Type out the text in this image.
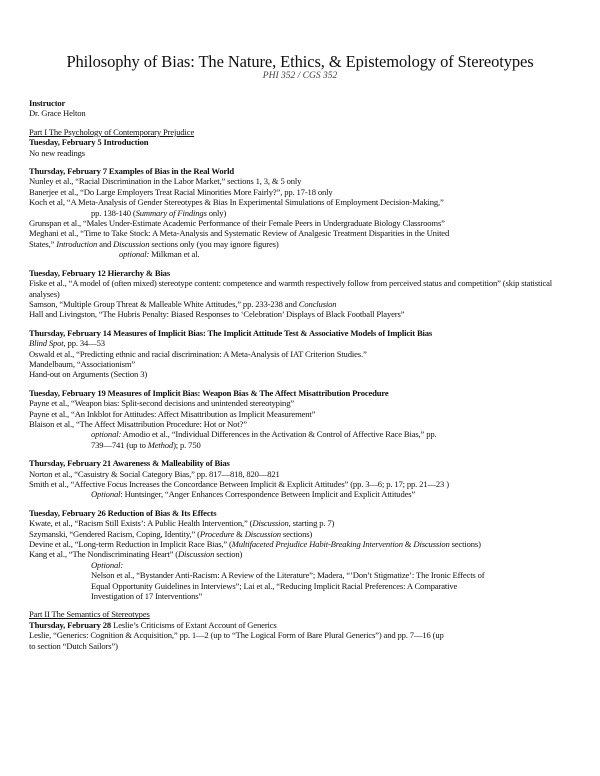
Philosophy of Bias: The Nature, Ethics, & Epistemology of Stereotypes
PHI 352 / CGS 352
Instructor
Dr. Grace Helton
Part I The Psychology of Contemporary Prejudice
Tuesday, February 5 Introduction
No new readings
Thursday, February 7 Examples of Bias in the Real World
Nunley et al., “Racial Discrimination in the Labor Market,” sections 1, 3, & 5 only
Banerjee et al., “Do Large Employers Treat Racial Minorities More Fairly?”, pp. 17-18 only
Koch et al, “A Meta-Analysis of Gender Stereotypes & Bias In Experimental Simulations of Employment Decision-Making,”
pp. 138-140 (Summary of Findings only)
Grunspan et al., “Males Under-Estimate Academic Performance of their Female Peers in Undergraduate Biology Classrooms”
Meghani et al., “Time to Take Stock: A Meta-Analysis and Systematic Review of Analgesic Treatment Disparities in the United
States,” Introduction and Discussion sections only (you may ignore figures)
optional: Milkman et al.
Tuesday, February 12 Hierarchy & Bias
Fiske et al., “A model of (often mixed) stereotype content: competence and warmth respectively follow from perceived status and competition” (skip statistical analyses)
Samson, “Multiple Group Threat & Malleable White Attitudes,” pp. 233-238 and Conclusion
Hall and Livingston, “The Hubris Penalty: Biased Responses to ‘Celebration’ Displays of Black Football Players”
Thursday, February 14 Measures of Implicit Bias: The Implicit Attitude Test & Associative Models of Implicit Bias
Blind Spot, pp. 34—53
Oswald et al., “Predicting ethnic and racial discrimination: A Meta-Analysis of IAT Criterion Studies.”
Mandelbaum, “Associationism”
Hand-out on Arguments (Section 3)
Tuesday, February 19 Measures of Implicit Bias: Weapon Bias & The Affect Misattribution Procedure
Payne et al., “Weapon bias: Split-second decisions and unintended stereotyping”
Payne et al., “An Inkblot for Attitudes: Affect Misattribution as Implicit Measurement”
Blaison et al., “The Affect Misattribution Procedure: Hot or Not?”
optional: Amodio et al., “Individual Differences in the Activation & Control of Affective Race Bias,” pp.
739—741 (up to Method); p. 750
Thursday, February 21 Awareness & Malleability of Bias
Norton et al., “Casuistry & Social Category Bias,” pp. 817—818, 820—821
Smith et al., “Affective Focus Increases the Concordance Between Implicit & Explicit Attitudes” (pp. 3—6; p. 17; pp. 21—23 )
Optional: Huntsinger, “Anger Enhances Correspondence Between Implicit and Explicit Attitudes”
Tuesday, February 26 Reduction of Bias & Its Effects
Kwate, et al., “Racism Still Exists’: A Public Health Intervention,” (Discussion, starting p. 7)
Szymanski, “Gendered Racism, Coping, Identity,” (Procedure & Discussion sections)
Devine et al., “Long-term Reduction in Implicit Race Bias,” (Multifaceted Prejudice Habit-Breaking Intervention & Discussion sections)
Kang et al., “The Nondiscriminating Heart” (Discussion section)
Optional:
Nelson et al., “Bystander Anti-Racism: A Review of the Literature”; Madera, “’Don’t Stigmatize’: The Ironic Effects of
Equal Opportunity Guidelines in Interviews”; Lai et al., “Reducing Implicit Racial Preferences: A Comparative
Investigation of 17 Interventions”
Part II The Semantics of Stereotypes
Thursday, February 28 Leslie’s Criticisms of Extant Account of Generics
Leslie, “Generics: Cognition & Acquisition,” pp. 1—2 (up to “The Logical Form of Bare Plural Generics”) and pp. 7—16 (up
to section “Dutch Sailors”)
